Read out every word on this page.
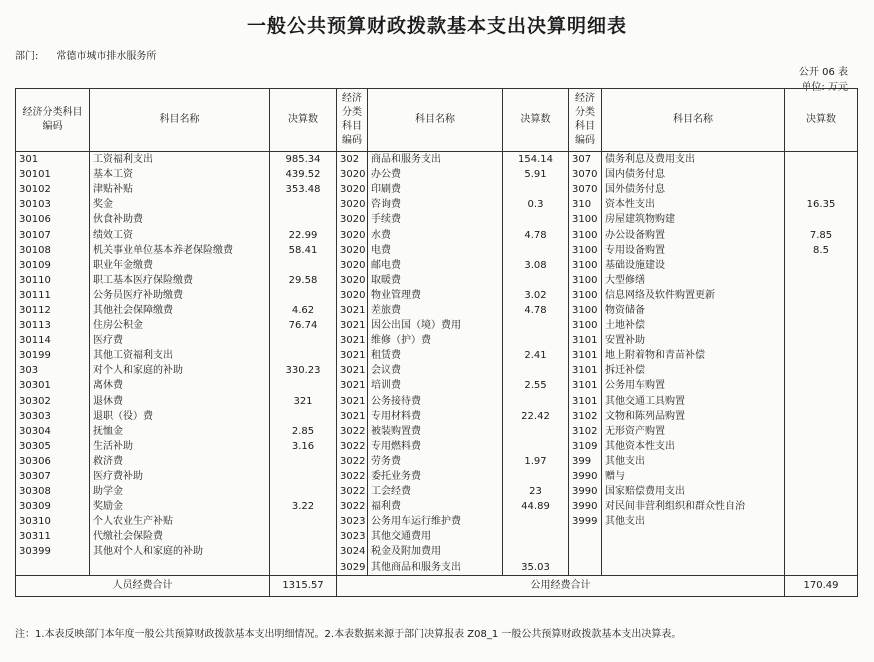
一般公共预算财政拨款基本支出决算明细表
部门: 常德市城市排水服务所
公开 06 表
单位: 万元
经济分类科目编码	科目名称	决算数	经济分类科目编码	科目名称	决算数	经济分类科目编码	科目名称	决算数
301	工资福利支出	985.34	302	商品和服务支出	154.14	307	债务利息及费用支出	
30101	基本工资	439.52	3020	办公费	5.91	3070	国内债务付息	
30102	津贴补贴	353.48	3020	印刷费		3070	国外债务付息	
30103	奖金		3020	咨询费	0.3	310	资本性支出	16.35
30106	伙食补助费		3020	手续费		3100	房屋建筑物购建	
30107	绩效工资	22.99	3020	水费	4.78	3100	办公设备购置	7.85
30108	机关事业单位基本养老保险缴费	58.41	3020	电费		3100	专用设备购置	8.5
30109	职业年金缴费		3020	邮电费	3.08	3100	基础设施建设	
30110	职工基本医疗保险缴费	29.58	3020	取暖费		3100	大型修缮	
30111	公务员医疗补助缴费		3020	物业管理费	3.02	3100	信息网络及软件购置更新	
30112	其他社会保障缴费	4.62	3021	差旅费	4.78	3100	物资储备	
30113	住房公积金	76.74	3021	因公出国（境）费用		3100	土地补偿	
30114	医疗费		3021	维修（护）费		3101	安置补助	
30199	其他工资福利支出		3021	租赁费	2.41	3101	地上附着物和青苗补偿	
303	对个人和家庭的补助	330.23	3021	会议费		3101	拆迁补偿	
30301	离休费		3021	培训费	2.55	3101	公务用车购置	
30302	退休费	321	3021	公务接待费		3101	其他交通工具购置	
30303	退职（役）费		3021	专用材料费	22.42	3102	文物和陈列品购置	
30304	抚恤金	2.85	3022	被装购置费		3102	无形资产购置	
30305	生活补助	3.16	3022	专用燃料费		3109	其他资本性支出	
30306	救济费		3022	劳务费	1.97	399	其他支出	
30307	医疗费补助		3022	委托业务费		3990	赠与	
30308	助学金		3022	工会经费	23	3990	国家赔偿费用支出	
30309	奖励金	3.22	3022	福利费	44.89	3990	对民间非营利组织和群众性自治	
30310	个人农业生产补贴		3023	公务用车运行维护费		3999	其他支出	
30311	代缴社会保险费		3023	其他交通费用				
30399	其他对个人和家庭的补助		3024	税金及附加费用				
			3029	其他商品和服务支出	35.03			
人员经费合计		1315.57	公用经费合计					170.49
注：1.本表反映部门本年度一般公共预算财政拨款基本支出明细情况。2.本表数据来源于部门决算报表 Z08_1 一般公共预算财政拨款基本支出决算表。
